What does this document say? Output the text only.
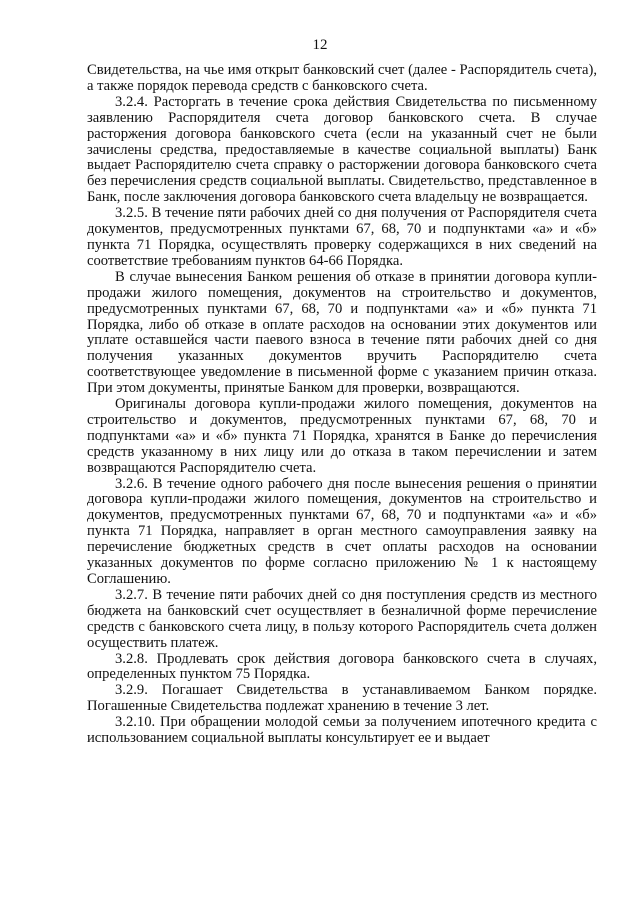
12

Свидетельства, на чье имя открыт банковский счет (далее - Распорядитель счета), а также порядок перевода средств с банковского счета.

3.2.4. Расторгать в течение срока действия Свидетельства по письменному заявлению Распорядителя счета договор банковского счета. В случае расторжения договора банковского счета (если на указанный счет не были зачислены средства, предоставляемые в качестве социальной выплаты) Банк выдает Распорядителю счета справку о расторжении договора банковского счета без перечисления средств социальной выплаты. Свидетельство, представленное в Банк, после заключения договора банковского счета владельцу не возвращается.

3.2.5. В течение пяти рабочих дней со дня получения от Распорядителя счета документов, предусмотренных пунктами 67, 68, 70 и подпунктами «а» и «б» пункта 71 Порядка, осуществлять проверку содержащихся в них сведений на соответствие требованиям пунктов 64-66 Порядка.

В случае вынесения Банком решения об отказе в принятии договора купли-продажи жилого помещения, документов на строительство и документов, предусмотренных пунктами 67, 68, 70 и подпунктами «а» и «б» пункта 71 Порядка, либо об отказе в оплате расходов на основании этих документов или уплате оставшейся части паевого взноса в течение пяти рабочих дней со дня получения указанных документов вручить Распорядителю счета соответствующее уведомление в письменной форме с указанием причин отказа. При этом документы, принятые Банком для проверки, возвращаются.

Оригиналы договора купли-продажи жилого помещения, документов на строительство и документов, предусмотренных пунктами 67, 68, 70 и подпунктами «а» и «б» пункта 71 Порядка, хранятся в Банке до перечисления средств указанному в них лицу или до отказа в таком перечислении и затем возвращаются Распорядителю счета.

3.2.6. В течение одного рабочего дня после вынесения решения о принятии договора купли-продажи жилого помещения, документов на строительство и документов, предусмотренных пунктами 67, 68, 70 и подпунктами «а» и «б» пункта 71 Порядка, направляет в орган местного самоуправления заявку на перечисление бюджетных средств в счет оплаты расходов на основании указанных документов по форме согласно приложению № 1 к настоящему Соглашению.

3.2.7. В течение пяти рабочих дней со дня поступления средств из местного бюджета на банковский счет осуществляет в безналичной форме перечисление средств с банковского счета лицу, в пользу которого Распорядитель счета должен осуществить платеж.

3.2.8. Продлевать срок действия договора банковского счета в случаях, определенных пунктом 75 Порядка.

3.2.9. Погашает Свидетельства в устанавливаемом Банком порядке. Погашенные Свидетельства подлежат хранению в течение 3 лет.

3.2.10. При обращении молодой семьи за получением ипотечного кредита с использованием социальной выплаты консультирует ее и выдает
